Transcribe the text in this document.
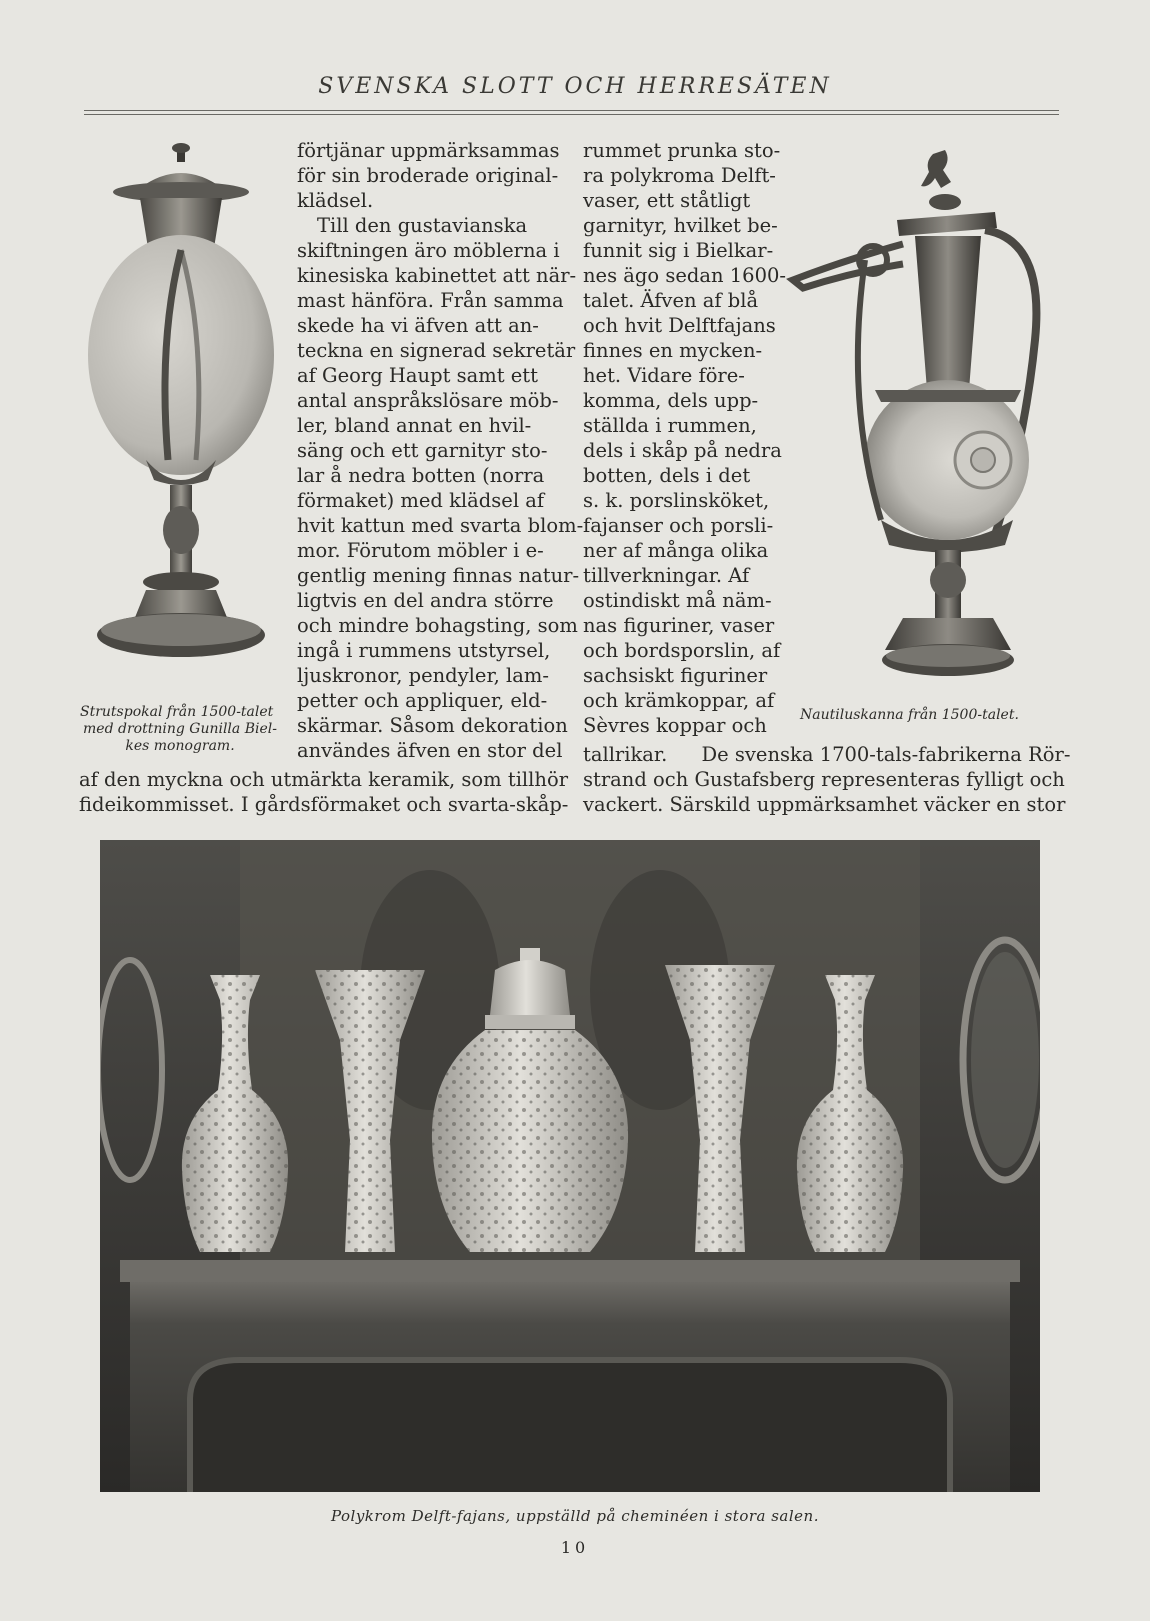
SVENSKA SLOTT OCH HERRESÄTEN
Strutspokal från 1500-talet
med drottning Gunilla Biel-
kes monogram.
Nautiluskanna från 1500-talet.
förtjänar uppmärksammas
för sin broderade original-
klädsel.
Till den gustavianska
skiftningen äro möblerna i
kinesiska kabinettet att när-
mast hänföra. Från samma
skede ha vi äfven att an-
teckna en signerad sekretär
af Georg Haupt samt ett
antal anspråkslösare möb-
ler, bland annat en hvil-
säng och ett garnityr sto-
lar å nedra botten (norra
förmaket) med klädsel af
hvit kattun med svarta blom-
mor. Förutom möbler i e-
gentlig mening finnas natur-
ligtvis en del andra större
och mindre bohagsting, som
ingå i rummens utstyrsel,
ljuskronor, pendyler, lam-
petter och appliquer, eld-
skärmar. Såsom dekoration
användes äfven en stor del
af den myckna och utmärkta keramik, som tillhör
fideikommisset. I gårdsförmaket och svarta-skåp-
rummet prunka sto-
ra polykroma Delft-
vaser, ett ståtligt
garnityr, hvilket be-
funnit sig i Bielkar-
nes ägo sedan 1600-
talet. Äfven af blå
och hvit Delftfajans
finnes en mycken-
het. Vidare före-
komma, dels upp-
ställda i rummen,
dels i skåp på nedra
botten, dels i det
s. k. porslinsköket,
fajanser och porsli-
ner af många olika
tillverkningar. Af
ostindiskt må näm-
nas figuriner, vaser
och bordsporslin, af
sachsiskt figuriner
och krämkoppar, af
Sèvres koppar och
tallrikar. De svenska 1700-tals-fabrikerna Rör-
strand och Gustafsberg representeras fylligt och
vackert. Särskild uppmärksamhet väcker en stor
Polykrom Delft-fajans, uppställd på cheminéen i stora salen.
10
